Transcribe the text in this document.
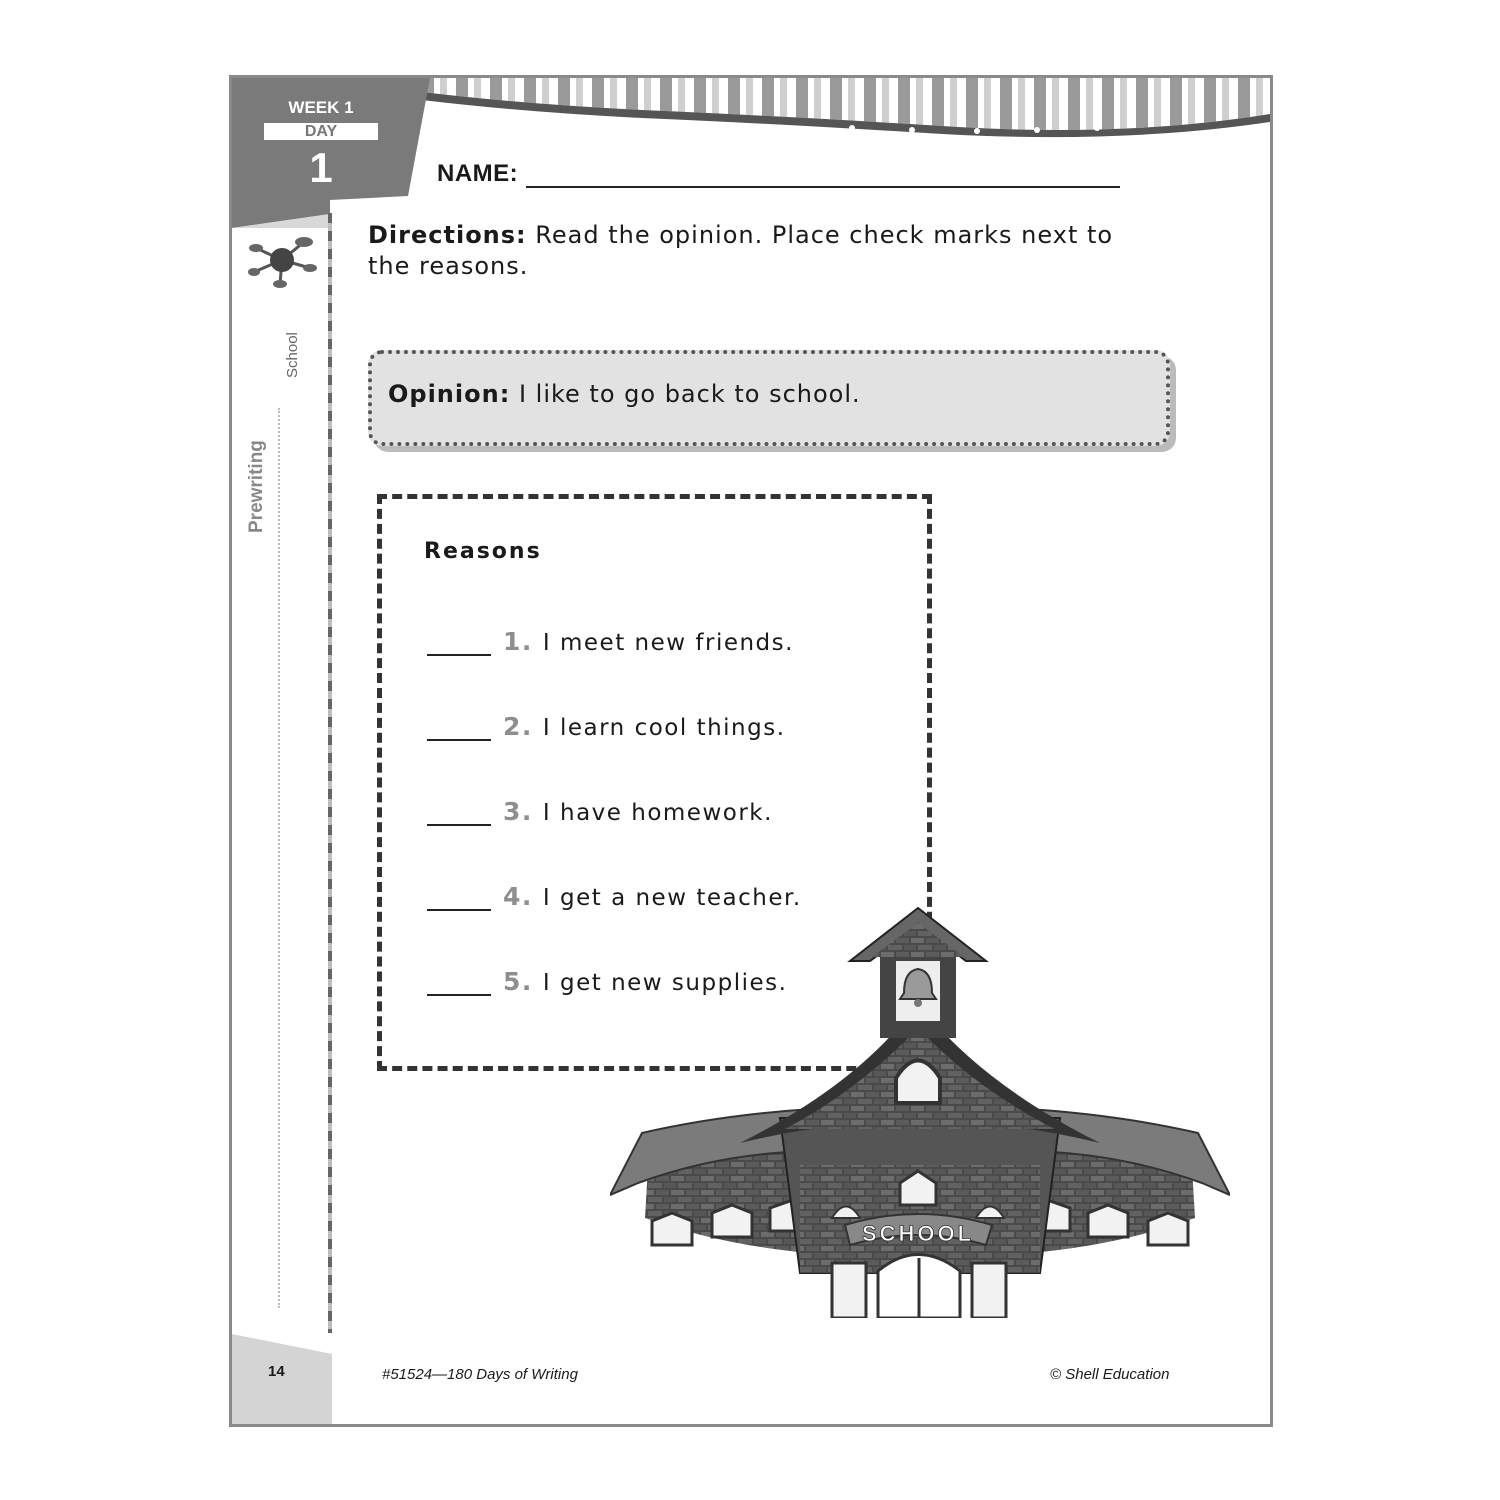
WEEK 1
DAY
1
Prewriting
School
NAME:
Directions: Read the opinion. Place check marks next to the reasons.
Opinion: I like to go back to school.
Reasons
1. I meet new friends.
2. I learn cool things.
3. I have homework.
4. I get a new teacher.
5. I get new supplies.
SCHOOL
14	#51524—180 Days of Writing	© Shell Education
